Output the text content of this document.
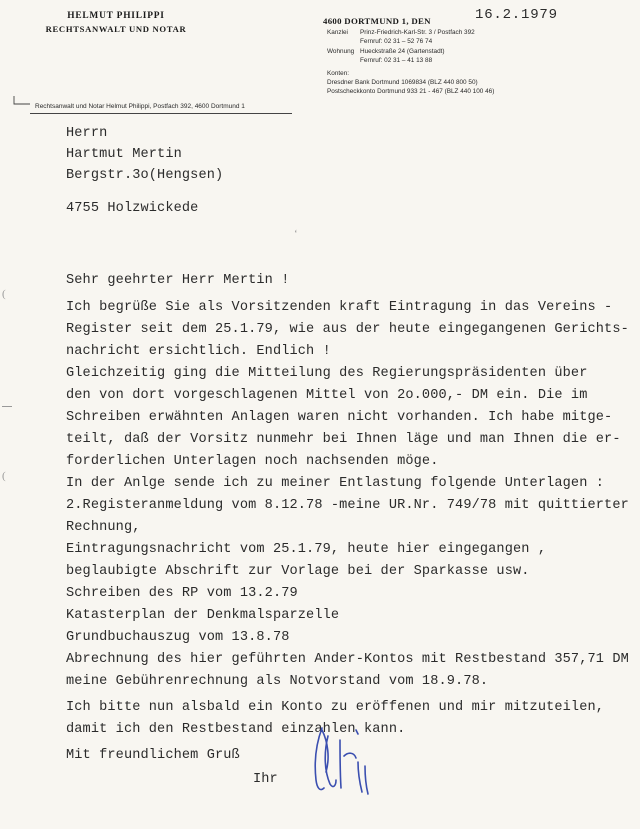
HELMUT PHILIPPI
RECHTSANWALT UND NOTAR
4600 DORTMUND 1, DEN	16.2.1979
Kanzlei Prinz-Friedrich-Karl-Str. 3 / Postfach 392
Fernruf: 02 31 – 52 76 74
Wohnung Hueckstraße 24 (Gartenstadt)
Fernruf: 02 31 – 41 13 88
Konten:
Dresdner Bank Dortmund 1069834 (BLZ 440 800 50)
Postscheckkonto Dortmund 933 21 - 467 (BLZ 440 100 46)
Rechtsanwalt und Notar Helmut Philippi, Postfach 392, 4600 Dortmund 1
Herrn
Hartmut Mertin
Bergstr.3o(Hengsen)
4755 Holzwickede
‘
(
(
Sehr geehrter Herr Mertin !
Ich begrüße Sie als Vorsitzenden kraft Eintragung in das Vereins -
Register seit dem 25.1.79, wie aus der heute eingegangenen Gerichts-
nachricht ersichtlich. Endlich !
Gleichzeitig ging die Mitteilung des Regierungspräsidenten über
den von dort vorgeschlagenen Mittel von 2o.000,- DM ein. Die im
Schreiben erwähnten Anlagen waren nicht vorhanden. Ich habe mitge-
teilt, daß der Vorsitz nunmehr bei Ihnen läge und man Ihnen die er-
forderlichen Unterlagen noch nachsenden möge.
In der Anlge sende ich zu meiner Entlastung folgende Unterlagen :
2.Registeranmeldung vom 8.12.78 -meine UR.Nr. 749/78 mit quittierter
Rechnung,
Eintragungsnachricht vom 25.1.79, heute hier eingegangen ,
beglaubigte Abschrift zur Vorlage bei der Sparkasse usw.
Schreiben des RP vom 13.2.79
Katasterplan der Denkmalsparzelle
Grundbuchauszug vom 13.8.78
Abrechnung des hier geführten Ander-Kontos mit Restbestand 357,71 DM
meine Gebührenrechnung als Notvorstand vom 18.9.78.
Ich bitte nun alsbald ein Konto zu eröffenen und mir mitzuteilen,
damit ich den Restbestand einzahlen kann.
Mit freundlichem Gruß
Ihr
